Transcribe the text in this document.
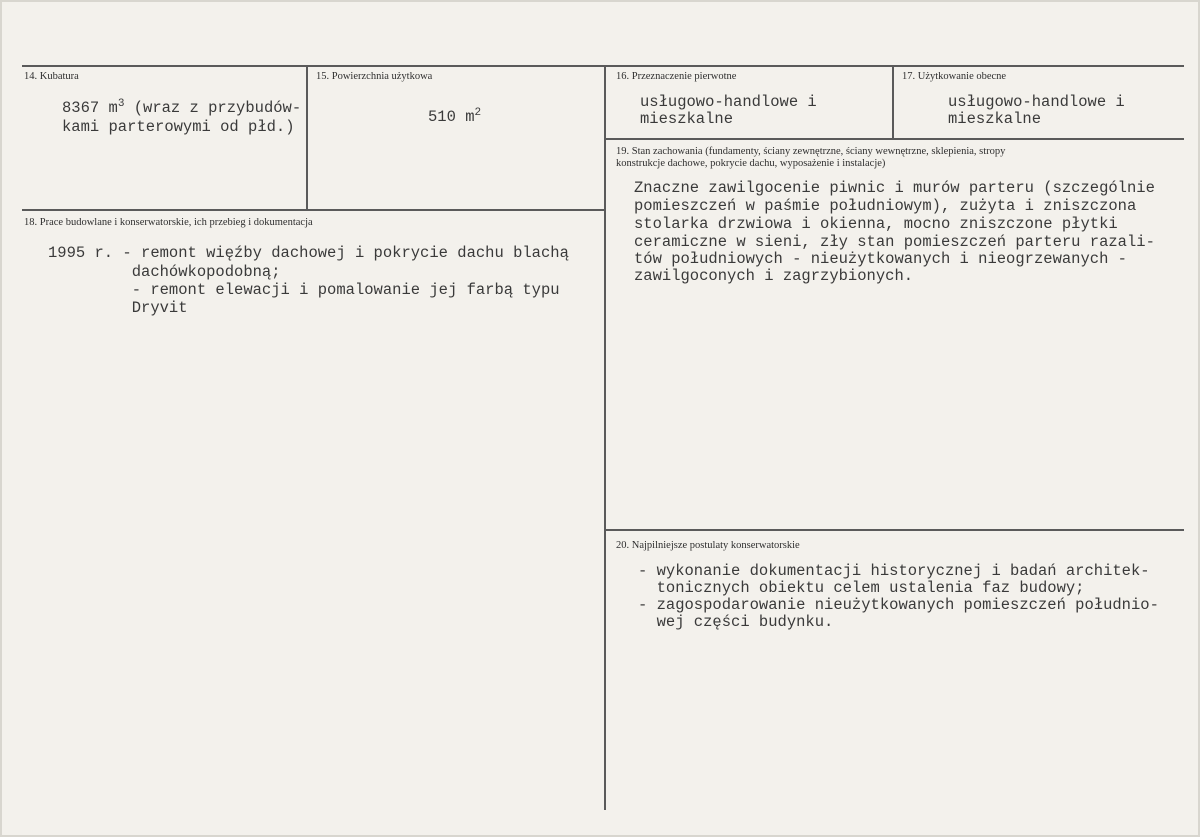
14. Kubatura
8367 $m^3$ (wraz z przybudów-
kami parterowymi od płd.)
15. Powierzchnia użytkowa
510 $m^2$
16. Przeznaczenie pierwotne
usługowo-handlowe i
mieszkalne
17. Użytkowanie obecne
usługowo-handlowe i
mieszkalne
19. Stan zachowania (fundamenty, ściany zewnętrzne, ściany wewnętrzne, sklepienia, stropy
konstrukcje dachowe, pokrycie dachu, wyposażenie i instalacje)
Znaczne zawilgocenie piwnic i murów parteru (szczególnie
pomieszczeń w paśmie południowym), zużyta i zniszczona
stolarka drzwiowa i okienna, mocno zniszczone płytki
ceramiczne w sieni, zły stan pomieszczeń parteru razali-
tów południowych - nieużytkowanych i nieogrzewanych -
zawilgoconych i zagrzybionych.
18. Prace budowlane i konserwatorskie, ich przebieg i dokumentacja
1995 r. - remont więźby dachowej i pokrycie dachu blachą
dachówkopodobną;
- remont elewacji i pomalowanie jej farbą typu
Dryvit
20. Najpilniejsze postulaty konserwatorskie
- wykonanie dokumentacji historycznej i badań architek-
tonicznych obiektu celem ustalenia faz budowy;
- zagospodarowanie nieużytkowanych pomieszczeń południo-
wej części budynku.
